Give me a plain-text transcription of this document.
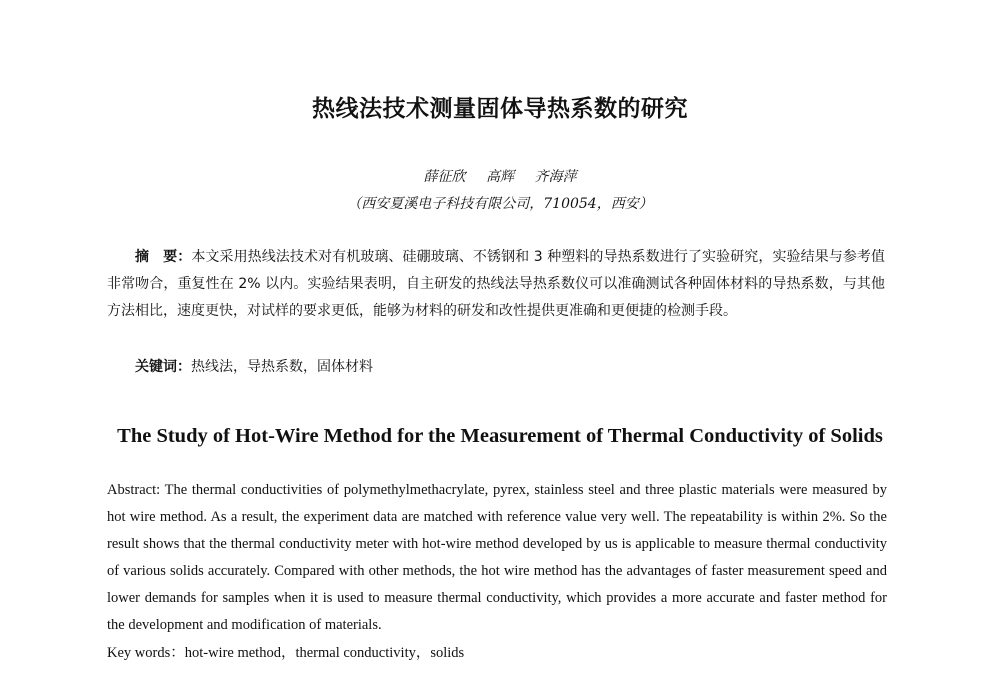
热线法技术测量固体导热系数的研究
薛征欣 高辉 齐海萍
（西安夏溪电子科技有限公司，710054，西安）
摘　要：本文采用热线法技术对有机玻璃、硅硼玻璃、不锈钢和 3 种塑料的导热系数进行了实验研究，实验结果与参考值非常吻合，重复性在 2% 以内。实验结果表明，自主研发的热线法导热系数仪可以准确测试各种固体材料的导热系数，与其他方法相比，速度更快，对试样的要求更低，能够为材料的研发和改性提供更准确和更便捷的检测手段。
关键词：热线法，导热系数，固体材料
The Study of Hot-Wire Method for the Measurement of Thermal Conductivity of Solids
Abstract: The thermal conductivities of polymethylmethacrylate, pyrex, stainless steel and three plastic materials were measured by hot wire method. As a result, the experiment data are matched with reference value very well. The repeatability is within 2%. So the result shows that the thermal conductivity meter with hot-wire method developed by us is applicable to measure thermal conductivity of various solids accurately. Compared with other methods, the hot wire method has the advantages of faster measurement speed and lower demands for samples when it is used to measure thermal conductivity, which provides a more accurate and faster method for the development and modification of materials.
Key words：hot-wire method，thermal conductivity，solids
